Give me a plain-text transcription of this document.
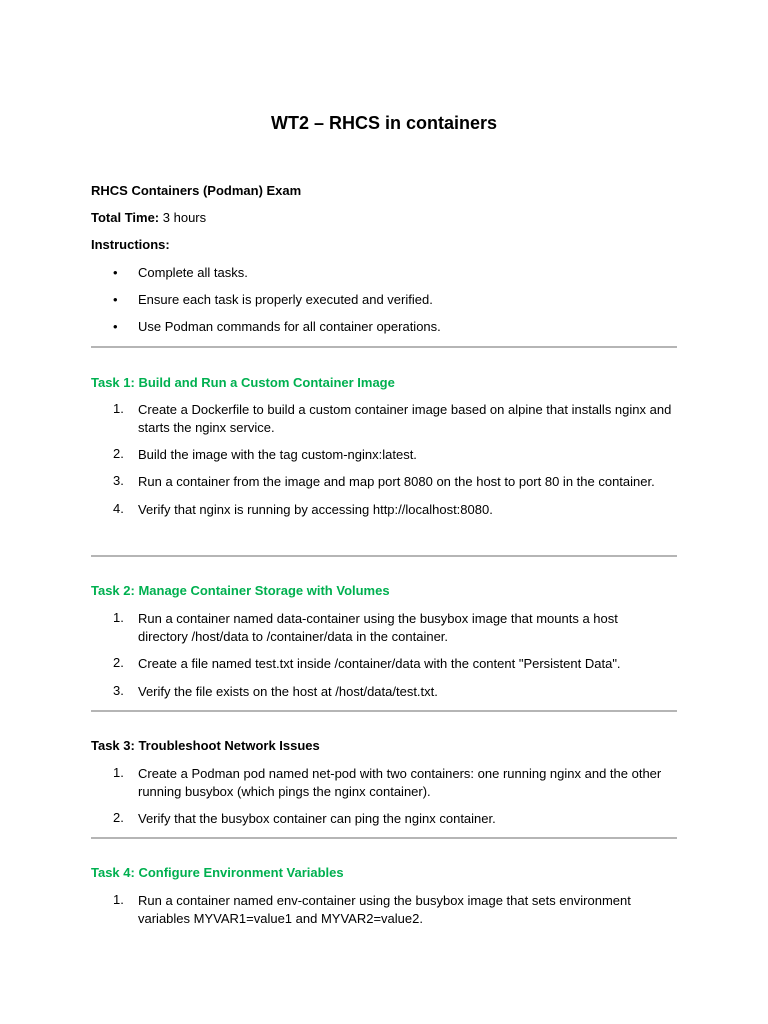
WT2 – RHCS in containers
RHCS Containers (Podman) Exam
Total Time: 3 hours
Instructions:
• Complete all tasks.
• Ensure each task is properly executed and verified.
• Use Podman commands for all container operations.
Task 1: Build and Run a Custom Container Image
1. Create a Dockerfile to build a custom container image based on alpine that installs nginx and
starts the nginx service.
2. Build the image with the tag custom-nginx:latest.
3. Run a container from the image and map port 8080 on the host to port 80 in the container.
4. Verify that nginx is running by accessing http://localhost:8080.
Task 2: Manage Container Storage with Volumes
1. Run a container named data-container using the busybox image that mounts a host
directory /host/data to /container/data in the container.
2. Create a file named test.txt inside /container/data with the content "Persistent Data".
3. Verify the file exists on the host at /host/data/test.txt.
Task 3: Troubleshoot Network Issues
1. Create a Podman pod named net-pod with two containers: one running nginx and the other
running busybox (which pings the nginx container).
2. Verify that the busybox container can ping the nginx container.
Task 4: Configure Environment Variables
1. Run a container named env-container using the busybox image that sets environment
variables MYVAR1=value1 and MYVAR2=value2.
